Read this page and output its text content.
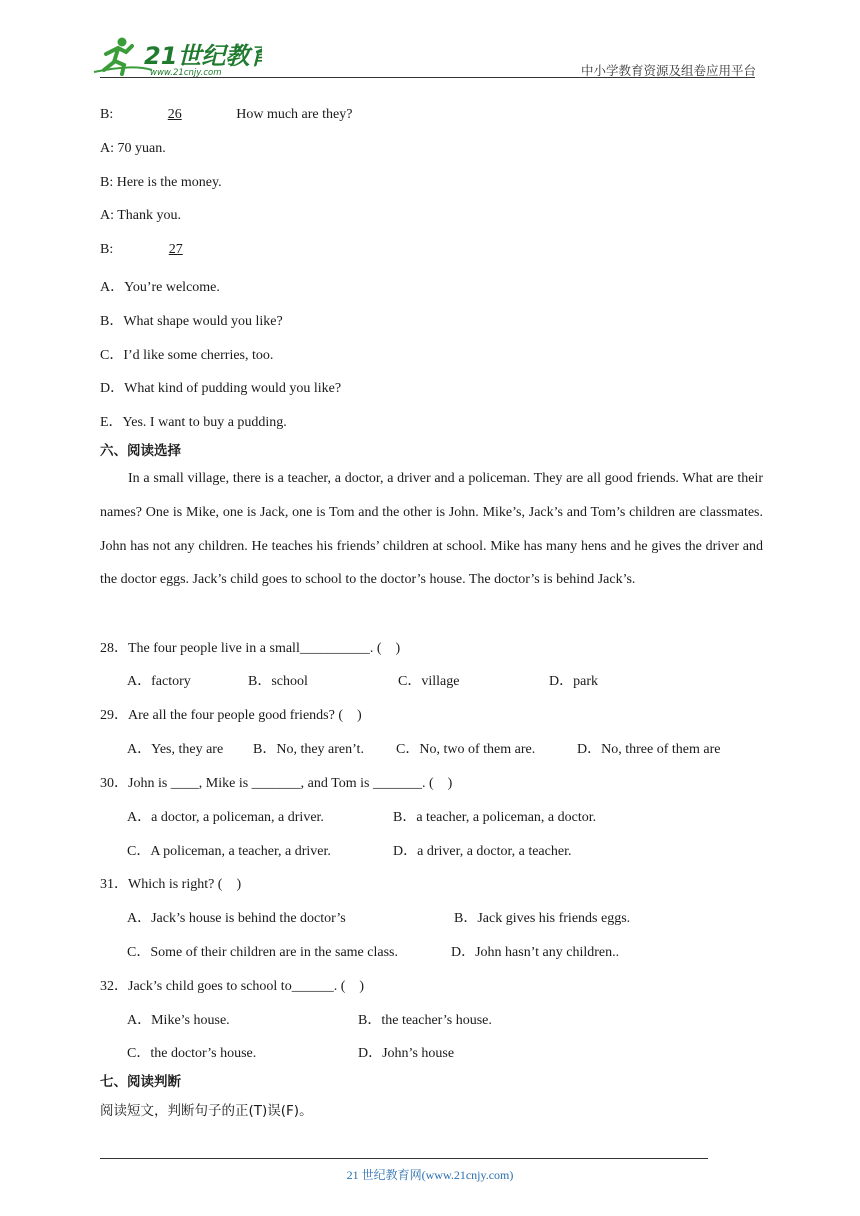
21世纪教育
www.21cnjy.com	中小学教育资源及组卷应用平台
B:	26	How much are they?
A: 70 yuan.
B: Here is the money.
A: Thank you.
B:	27
A．You’re welcome.
B．What shape would you like?
C．I’d like some cherries, too.
D．What kind of pudding would you like?
E．Yes. I want to buy a pudding.
六、阅读选择
In a small village, there is a teacher, a doctor, a driver and a policeman. They are all good friends. What are their names? One is Mike, one is Jack, one is Tom and the other is John. Mike’s, Jack’s and Tom’s children are classmates. John has not any children. He teaches his friends’ children at school. Mike has many hens and he gives the driver and the doctor eggs. Jack’s child goes to school to the doctor’s house. The doctor’s is behind Jack’s.
28．The four people live in a small__________. (　)
A．factory	B．school	C．village	D．park
29．Are all the four people good friends? (　)
A．Yes, they are B．No, they aren’t. C．No, two of them are.	D．No, three of them are
30．John is ____, Mike is _______, and Tom is _______. (　)
A．a doctor, a policeman, a driver.	B．a teacher, a policeman, a doctor.
C．A policeman, a teacher, a driver.	D．a driver, a doctor, a teacher.
31．Which is right? (　)
A．Jack’s house is behind the doctor’s	B．Jack gives his friends eggs.
C．Some of their children are in the same class.	D．John hasn’t any children..
32．Jack’s child goes to school to______. (　)
A．Mike’s house.	B．the teacher’s house.
C．the doctor’s house.	D．John’s house
七、阅读判断
阅读短文，判断句子的正(T)误(F)。
21 世纪教育网(www.21cnjy.com)
